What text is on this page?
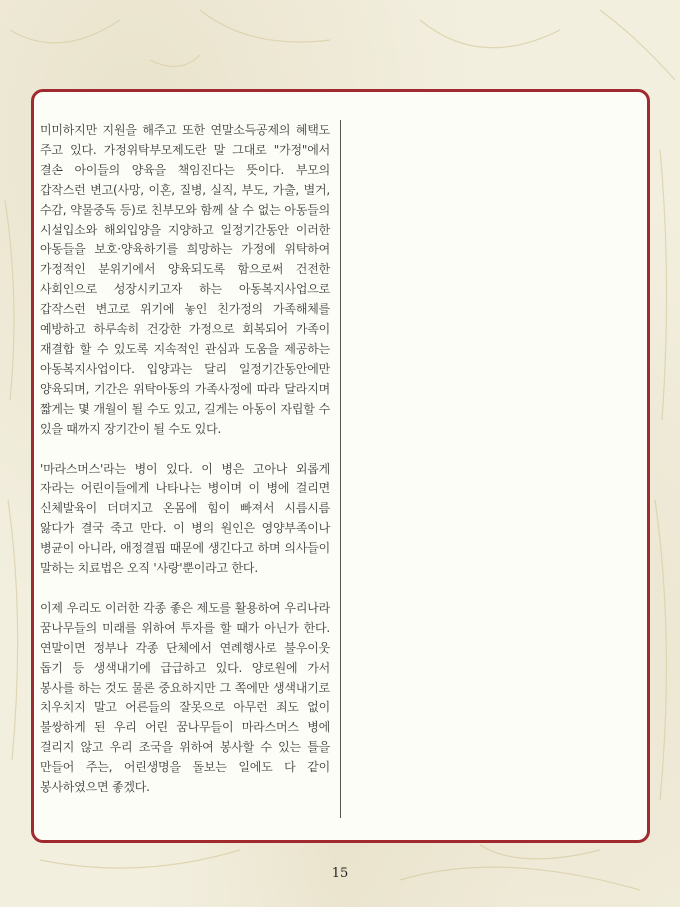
미미하지만 지원을 해주고 또한 연말소득공제의 혜택도 주고 있다. 가정위탁부모제도란 말 그대로 "가정"에서 결손 아이들의 양육을 책임진다는 뜻이다. 부모의 갑작스런 변고(사망, 이혼, 질병, 실직, 부도, 가출, 별거, 수감, 약물중독 등)로 친부모와 함께 살 수 없는 아동들의 시설입소와 해외입양을 지양하고 일정기간동안 이러한 아동들을 보호·양육하기를 희망하는 가정에 위탁하여 가정적인 분위기에서 양육되도록 함으로써 건전한 사회인으로 성장시키고자 하는 아동복지사업으로 갑작스런 변고로 위기에 놓인 친가정의 가족해체를 예방하고 하루속히 건강한 가정으로 회복되어 가족이 재결합 할 수 있도록 지속적인 관심과 도움을 제공하는 아동복지사업이다. 입양과는 달리 일정기간동안에만 양육되며, 기간은 위탁아동의 가족사정에 따라 달라지며 짧게는 몇 개월이 될 수도 있고, 길게는 아동이 자립할 수 있을 때까지 장기간이 될 수도 있다.

'마라스머스'라는 병이 있다. 이 병은 고아나 외롭게 자라는 어린이들에게 나타나는 병이며 이 병에 걸리면 신체발육이 더뎌지고 온몸에 힘이 빠져서 시름시름 앓다가 결국 죽고 만다. 이 병의 원인은 영양부족이나 병균이 아니라, 애정결핍 때문에 생긴다고 하며 의사들이 말하는 치료법은 오직 '사랑'뿐이라고 한다.

이제 우리도 이러한 각종 좋은 제도를 활용하여 우리나라 꿈나무들의 미래를 위하여 투자를 할 때가 아닌가 한다. 연말이면 정부나 각종 단체에서 연례행사로 불우이웃 돕기 등 생색내기에 급급하고 있다. 양로원에 가서 봉사를 하는 것도 물론 중요하지만 그 쪽에만 생색내기로 치우치지 말고 어른들의 잘못으로 아무런 죄도 없이 불쌍하게 된 우리 어린 꿈나무들이 마라스머스 병에 걸리지 않고 우리 조국을 위하여 봉사할 수 있는 틀을 만들어 주는, 어린생명을 돌보는 일에도 다 같이 봉사하였으면 좋겠다.

15
